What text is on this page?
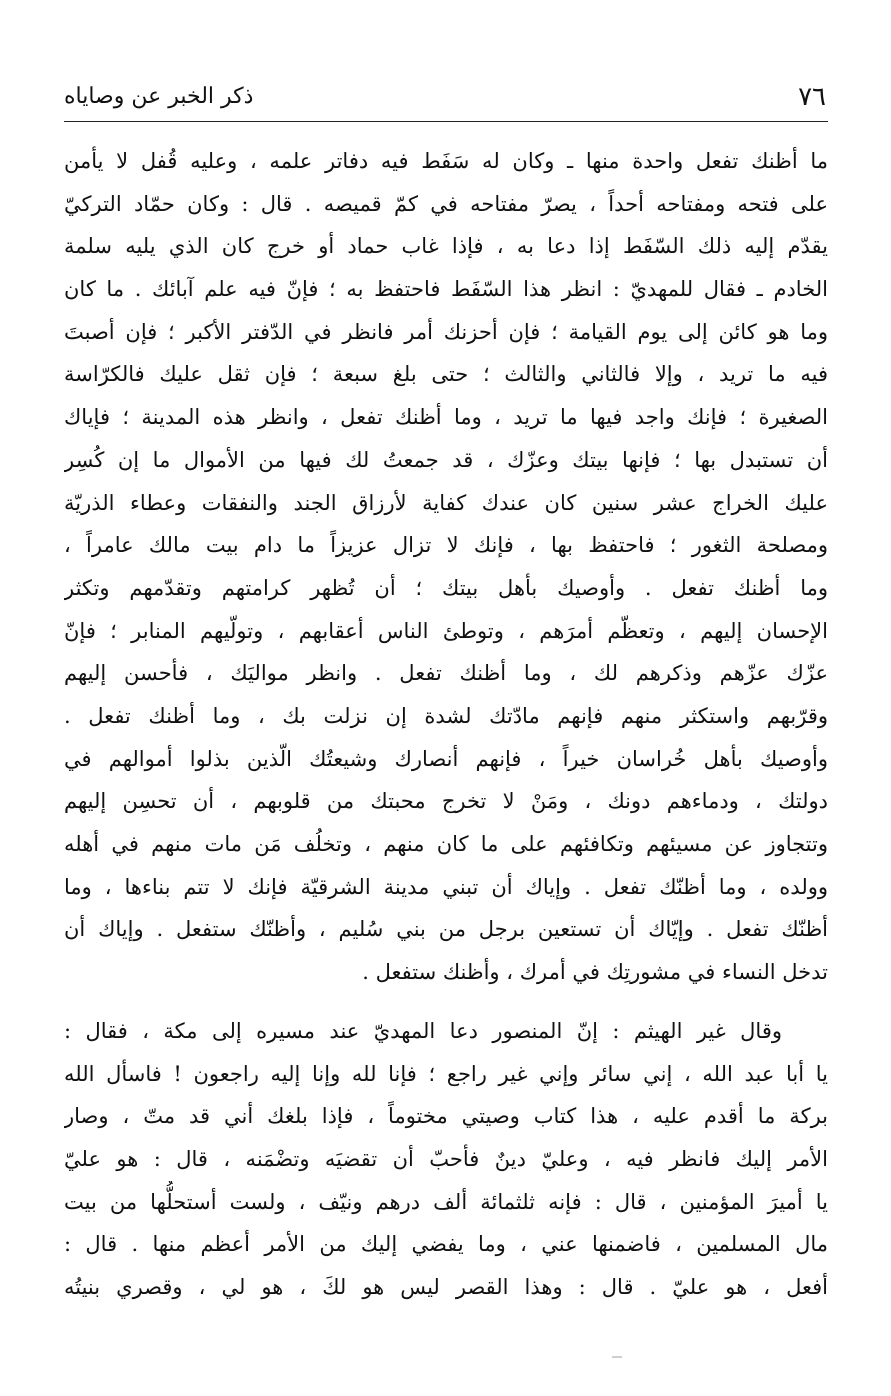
٧٦
ذكر الخبر عن وصاياه
ما أظنك تفعل واحدة منها ـ وكان له سَفَط فيه دفاتر علمه ، وعليه قُفل لا يأمن
على فتحه ومفتاحه أحداً ، يصرّ مفتاحه في كمّ قميصه . قال : وكان حمّاد التركيّ
يقدّم إليه ذلك السّفَط إذا دعا به ، فإذا غاب حماد أو خرج كان الذي يليه سلمة
الخادم ـ فقال للمهديّ : انظر هذا السّفَط فاحتفظ به ؛ فإنّ فيه علم آبائك . ما كان
وما هو كائن إلى يوم القيامة ؛ فإن أحزنك أمر فانظر في الدّفتر الأكبر ؛ فإن أصبتَ
فيه ما تريد ، وإلا فالثاني والثالث ؛ حتى بلغ سبعة ؛ فإن ثقل عليك فالكرّاسة
الصغيرة ؛ فإنك واجد فيها ما تريد ، وما أظنك تفعل ، وانظر هذه المدينة ؛ فإياك
أن تستبدل بها ؛ فإنها بيتك وعزّك ، قد جمعتُ لك فيها من الأموال ما إن كُسِر
عليك الخراج عشر سنين كان عندك كفاية لأرزاق الجند والنفقات وعطاء الذريّة
ومصلحة الثغور ؛ فاحتفظ بها ، فإنك لا تزال عزيزاً ما دام بيت مالك عامراً ،
وما أظنك تفعل . وأوصيك بأهل بيتك ؛ أن تُظهر كرامتهم وتقدّمهم وتكثر
الإحسان إليهم ، وتعظّم أمرَهم ، وتوطئ الناس أعقابهم ، وتولّيهم المنابر ؛ فإنّ
عزّك عزّهم وذكرهم لك ، وما أظنك تفعل . وانظر مواليَك ، فأحسن إليهم
وقرّبهم واستكثر منهم فإنهم مادّتك لشدة إن نزلت بك ، وما أظنك تفعل .
وأوصيك بأهل خُراسان خيراً ، فإنهم أنصارك وشيعتُك الّذين بذلوا أموالهم في
دولتك ، ودماءهم دونك ، ومَنْ لا تخرج محبتك من قلوبهم ، أن تحسِن إليهم
وتتجاوز عن مسيئهم وتكافئهم على ما كان منهم ، وتخلُف مَن مات منهم في أهله
وولده ، وما أظنّك تفعل . وإياك أن تبني مدينة الشرقيّة فإنك لا تتم بناءها ، وما
أظنّك تفعل . وإيّاك أن تستعين برجل من بني سُليم ، وأظنّك ستفعل . وإياك أن
تدخل النساء في مشورتِك في أمرك ، وأظنك ستفعل .
وقال غير الهيثم : إنّ المنصور دعا المهديّ عند مسيره إلى مكة ، فقال :
يا أبا عبد الله ، إني سائر وإني غير راجع ؛ فإنا لله وإنا إليه راجعون ! فاسأل الله
بركة ما أقدم عليه ، هذا كتاب وصيتي مختوماً ، فإذا بلغك أني قد متّ ، وصار
الأمر إليك فانظر فيه ، وعليّ دينٌ فأحبّ أن تقضيَه وتضْمَنه ، قال : هو عليّ
يا أميرَ المؤمنين ، قال : فإنه ثلثمائة ألف درهم ونيّف ، ولست أستحلُّها من بيت
مال المسلمين ، فاضمنها عني ، وما يفضي إليك من الأمر أعظم منها . قال :
أفعل ، هو عليّ . قال : وهذا القصر ليس هو لكَ ، هو لي ، وقصري بنيتُه
